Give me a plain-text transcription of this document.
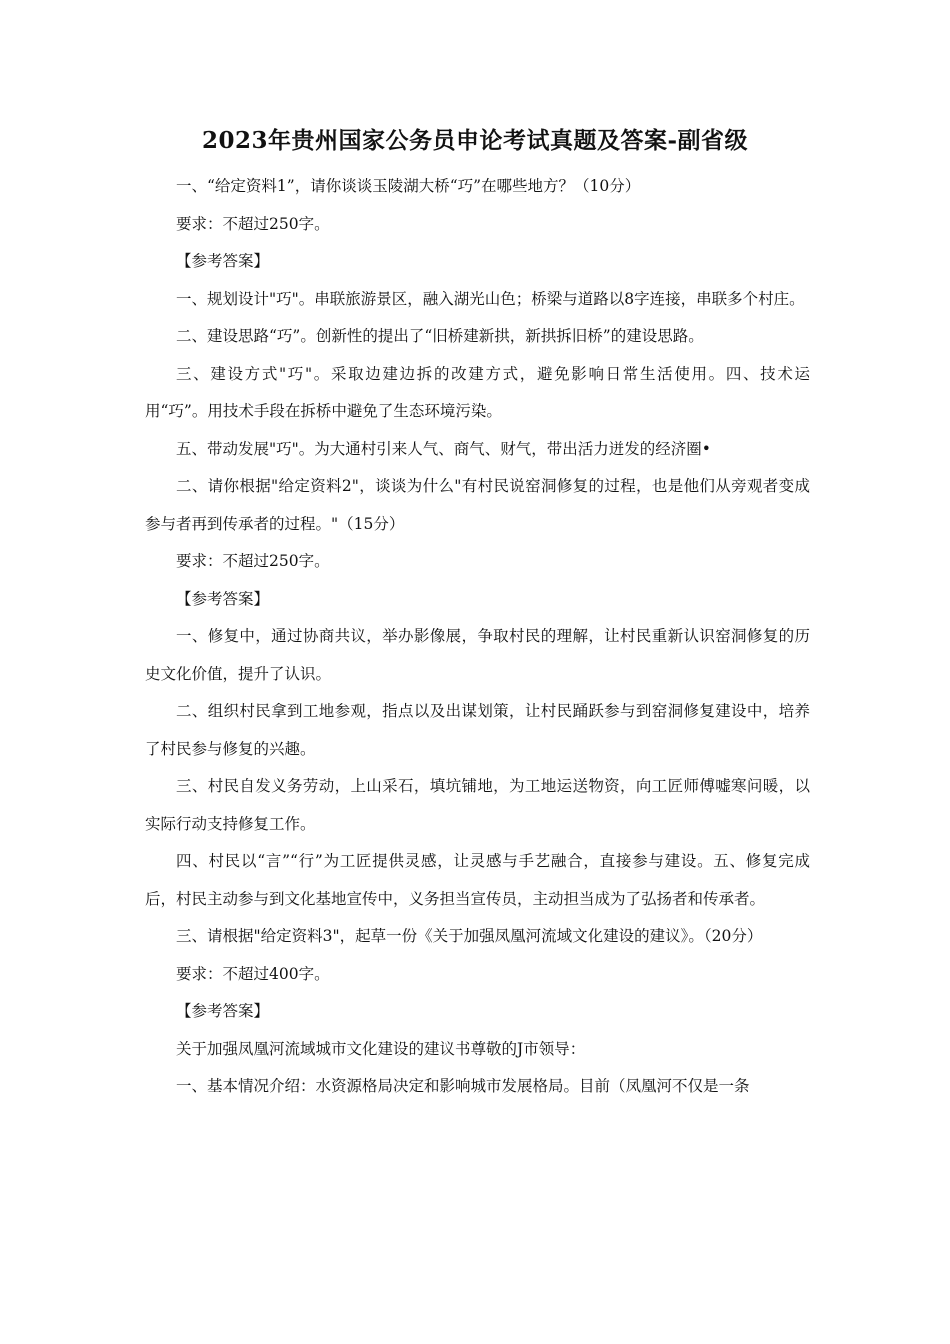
2023年贵州国家公务员申论考试真题及答案-副省级

一、“给定资料1”，请你谈谈玉陵湖大桥“巧”在哪些地方？（10分）

要求：不超过250字。

【参考答案】

一、规划设计"巧"。串联旅游景区，融入湖光山色；桥梁与道路以8字连接，串联多个村庄。

二、建设思路“巧”。创新性的提出了“旧桥建新拱，新拱拆旧桥”的建设思路。

三、建设方式"巧"。采取边建边拆的改建方式，避免影响日常生活使用。四、技术运用“巧”。用技术手段在拆桥中避免了生态环境污染。

五、带动发展"巧"。为大通村引来人气、商气、财气，带出活力迸发的经济圈•

二、请你根据"给定资料2"，谈谈为什么"有村民说窑洞修复的过程，也是他们从旁观者变成参与者再到传承者的过程。"（15分）

要求：不超过250字。

【参考答案】

一、修复中，通过协商共议，举办影像展，争取村民的理解，让村民重新认识窑洞修复的历史文化价值，提升了认识。

二、组织村民拿到工地参观，指点以及出谋划策，让村民踊跃参与到窑洞修复建设中，培养了村民参与修复的兴趣。

三、村民自发义务劳动，上山采石，填坑铺地，为工地运送物资，向工匠师傅嘘寒问暖，以实际行动支持修复工作。

四、村民以“言”“行”为工匠提供灵感，让灵感与手艺融合，直接参与建设。五、修复完成后，村民主动参与到文化基地宣传中，义务担当宣传员，主动担当成为了弘扬者和传承者。

三、请根据"给定资料3"，起草一份《关于加强凤凰河流域文化建设的建议》。（20分）

要求：不超过400字。

【参考答案】

关于加强凤凰河流域城市文化建设的建议书尊敬的J市领导：

一、基本情况介绍：水资源格局决定和影响城市发展格局。目前（凤凰河不仅是一条
